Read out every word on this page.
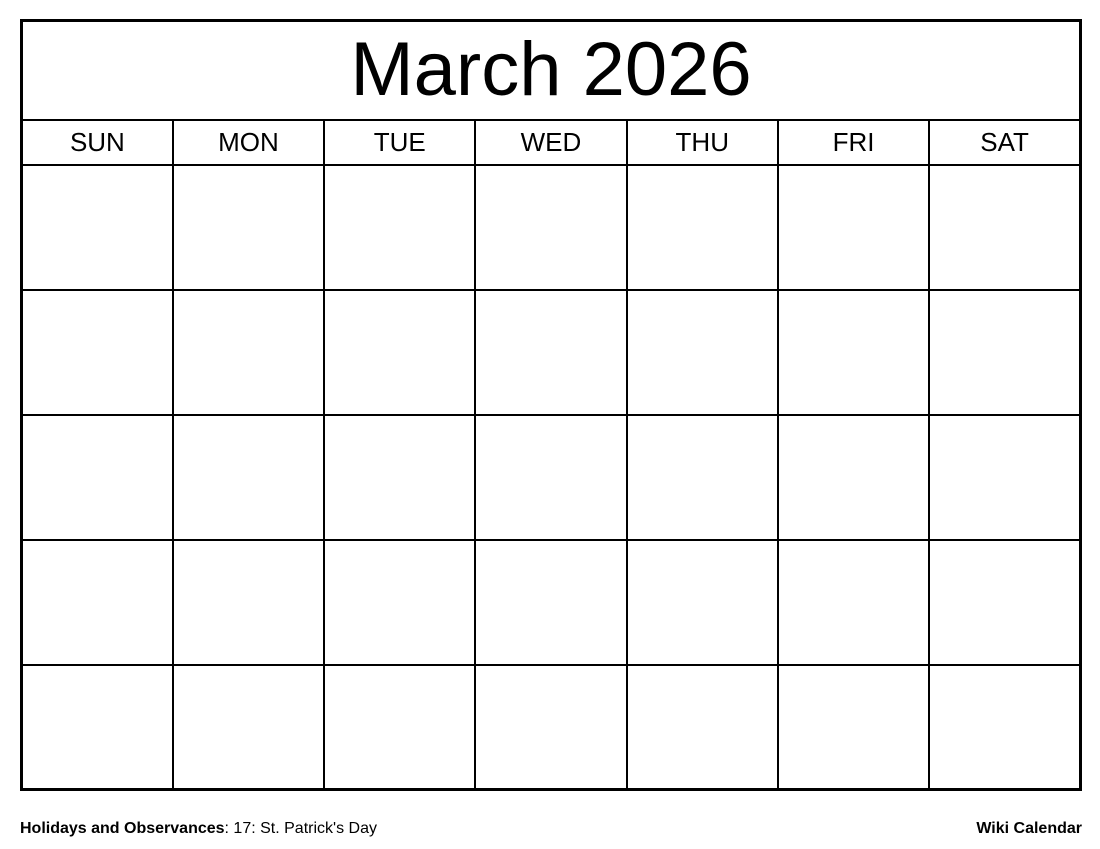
March 2026						
SUN	MON	TUE	WED	THU	FRI	SAT

Holidays and Observances: 17: St. Patrick's Day	Wiki Calendar
